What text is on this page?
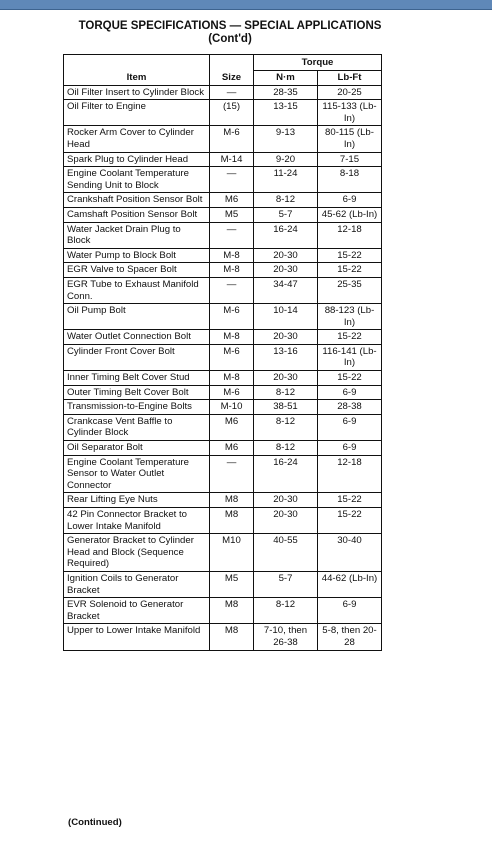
TORQUE SPECIFICATIONS — SPECIAL APPLICATIONS
(Cont'd)
Item	Size	Torque	
		N·m	Lb-Ft
Oil Filter Insert to Cylinder Block	—	28-35	20-25
Oil Filter to Engine	(15)	13-15	115-133 (Lb-In)
Rocker Arm Cover to Cylinder Head	M-6	9-13	80-115 (Lb-In)
Spark Plug to Cylinder Head	M-14	9-20	7-15
Engine Coolant Temperature Sending Unit to Block	—	11-24	8-18
Crankshaft Position Sensor Bolt	M6	8-12	6-9
Camshaft Position Sensor Bolt	M5	5-7	45-62 (Lb-In)
Water Jacket Drain Plug to Block	—	16-24	12-18
Water Pump to Block Bolt	M-8	20-30	15-22
EGR Valve to Spacer Bolt	M-8	20-30	15-22
EGR Tube to Exhaust Manifold Conn.	—	34-47	25-35
Oil Pump Bolt	M-6	10-14	88-123 (Lb-In)
Water Outlet Connection Bolt	M-8	20-30	15-22
Cylinder Front Cover Bolt	M-6	13-16	116-141 (Lb-In)
Inner Timing Belt Cover Stud	M-8	20-30	15-22
Outer Timing Belt Cover Bolt	M-6	8-12	6-9
Transmission-to-Engine Bolts	M-10	38-51	28-38
Crankcase Vent Baffle to Cylinder Block	M6	8-12	6-9
Oil Separator Bolt	M6	8-12	6-9
Engine Coolant Temperature Sensor to Water Outlet Connector	—	16-24	12-18
Rear Lifting Eye Nuts	M8	20-30	15-22
42 Pin Connector Bracket to Lower Intake Manifold	M8	20-30	15-22
Generator Bracket to Cylinder Head and Block (Sequence Required)	M10	40-55	30-40
Ignition Coils to Generator Bracket	M5	5-7	44-62 (Lb-In)
EVR Solenoid to Generator Bracket	M8	8-12	6-9
Upper to Lower Intake Manifold	M8	7-10, then 26-38	5-8, then 20-28
(Continued)
